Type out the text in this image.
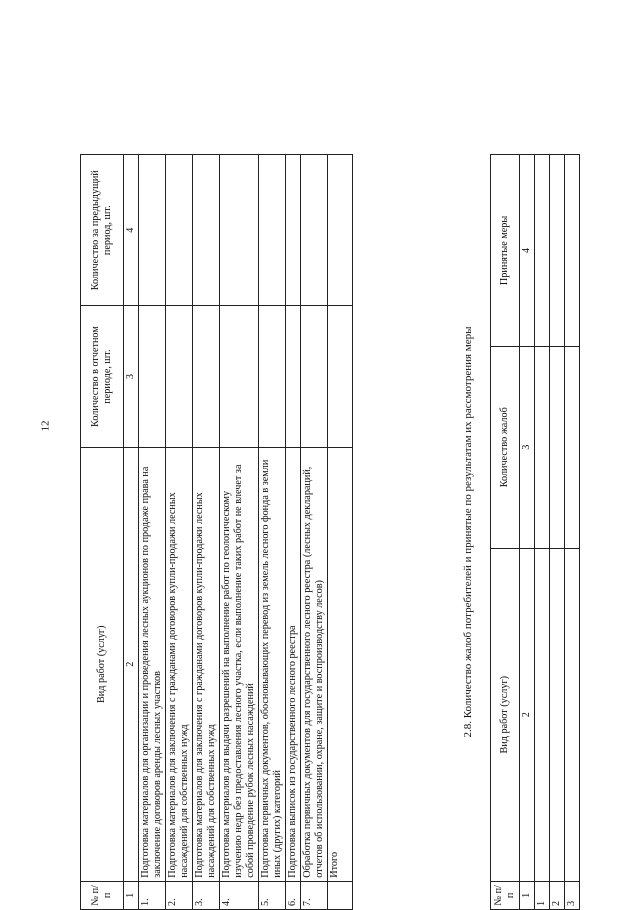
12
№ п/п	Вид работ (услуг)	Количество в отчетном периоде, шт.	Количество за предыдущий период, шт.
1	2	3	4
1.	Подготовка материалов для организации и проведения лесных аукционов по продаже права на заключение договоров аренды лесных участков		
2.	Подготовка материалов для заключения с гражданами договоров купли-продажи лесных насаждений для собственных нужд		
3.	Подготовка материалов для заключения с гражданами договоров купли-продажи лесных насаждений для собственных нужд		
4.	Подготовка материалов для выдачи разрешений на выполнение работ по геологическому изучению недр без предоставления лесного участка, если выполнение таких работ не влечет за собой проведение рубок лесных насаждений		
5.	Подготовка первичных документов, обосновывающих перевод из земель лесного фонда в земли иных (других) категорий		
6.	Подготовка выписок из государственного лесного реестра		
7.	Обработка первичных документов для государственного лесного реестра (лесных деклараций, отчетов об использовании, охране, защите и воспроизводству лесов)		
	Итого		
2.8. Количество жалоб потребителей и принятые по результатам их рассмотрения меры
№ п/п	Вид работ (услуг)	Количество жалоб	Принятые меры
1	2	3	4
1			
2			
3			
